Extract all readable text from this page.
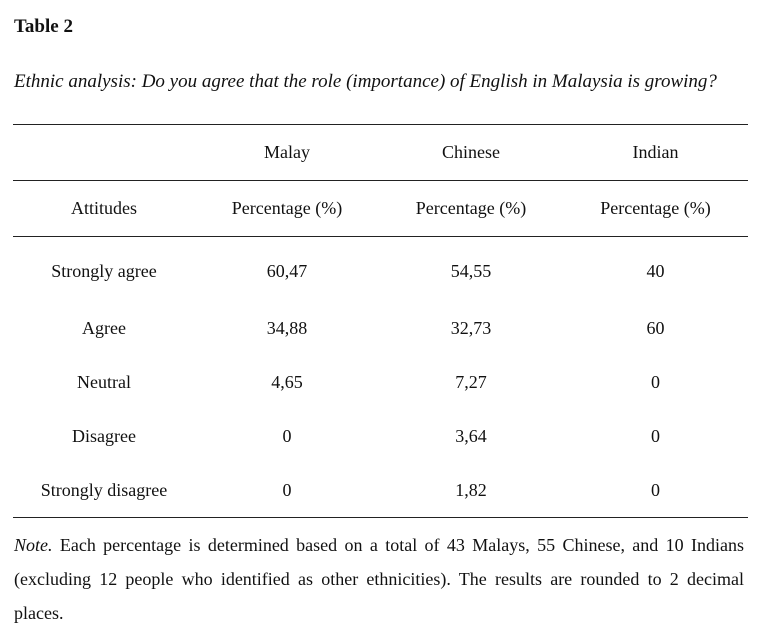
Table 2
Ethnic analysis: Do you agree that the role (importance) of English in Malaysia is growing?
	Malay	Chinese	Indian
Attitudes	Percentage (%)	Percentage (%)	Percentage (%)
Strongly agree	60,47	54,55	40
Agree	34,88	32,73	60
Neutral	4,65	7,27	0
Disagree	0	3,64	0
Strongly disagree	0	1,82	0
Note. Each percentage is determined based on a total of 43 Malays, 55 Chinese, and 10 Indians (excluding 12 people who identified as other ethnicities). The results are rounded to 2 decimal places.
